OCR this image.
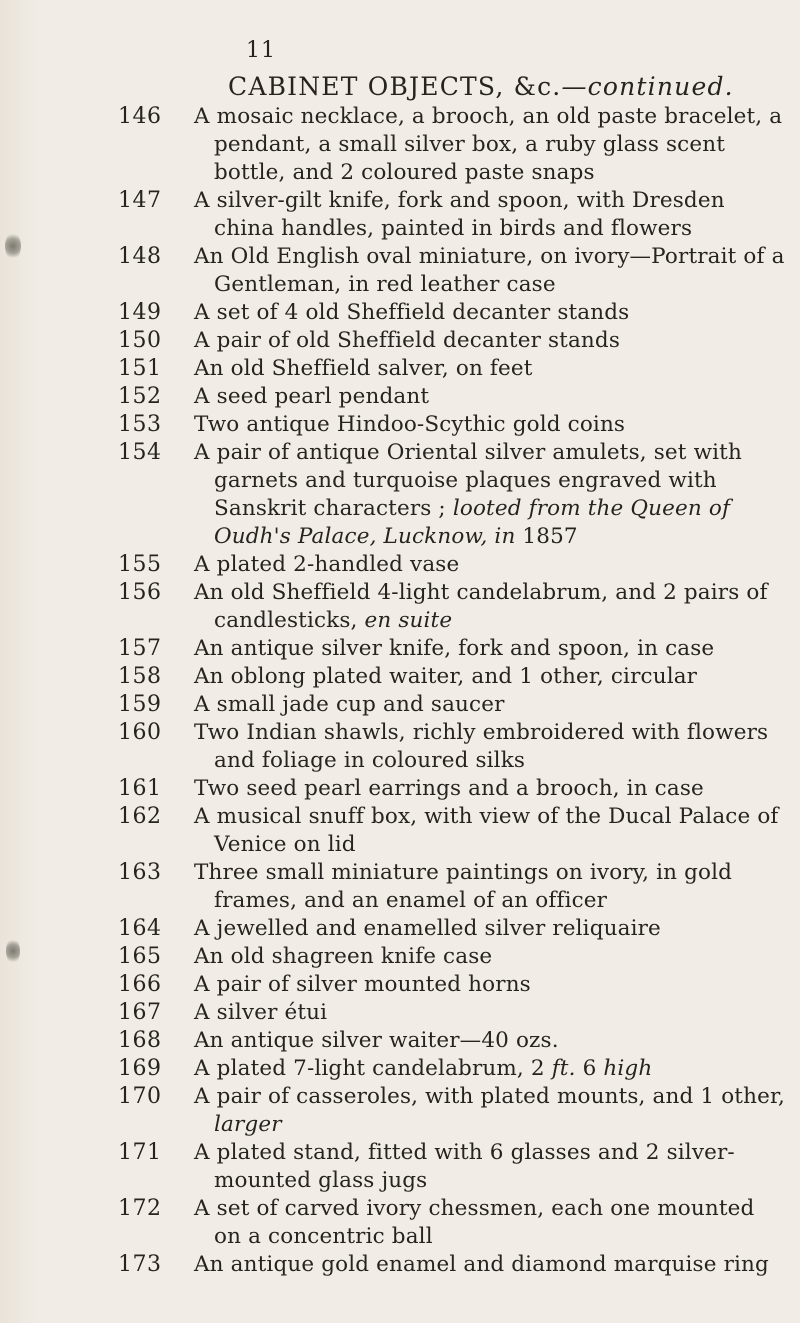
11
CABINET OBJECTS, &c.—continued.
146 A mosaic necklace, a brooch, an old paste bracelet, a pendant, a small silver box, a ruby glass scent bottle, and 2 coloured paste snaps
147 A silver-gilt knife, fork and spoon, with Dresden china handles, painted in birds and flowers
148 An Old English oval miniature, on ivory—Portrait of a Gentleman, in red leather case
149 A set of 4 old Sheffield decanter stands
150 A pair of old Sheffield decanter stands
151 An old Sheffield salver, on feet
152 A seed pearl pendant
153 Two antique Hindoo-Scythic gold coins
154 A pair of antique Oriental silver amulets, set with garnets and turquoise plaques engraved with Sanskrit characters ; looted from the Queen of Oudh's Palace, Lucknow, in 1857
155 A plated 2-handled vase
156 An old Sheffield 4-light candelabrum, and 2 pairs of candlesticks, en suite
157 An antique silver knife, fork and spoon, in case
158 An oblong plated waiter, and 1 other, circular
159 A small jade cup and saucer
160 Two Indian shawls, richly embroidered with flowers and foliage in coloured silks
161 Two seed pearl earrings and a brooch, in case
162 A musical snuff box, with view of the Ducal Palace of Venice on lid
163 Three small miniature paintings on ivory, in gold frames, and an enamel of an officer
164 A jewelled and enamelled silver reliquaire
165 An old shagreen knife case
166 A pair of silver mounted horns
167 A silver étui
168 An antique silver waiter—40 ozs.
169 A plated 7-light candelabrum, 2 ft. 6 high
170 A pair of casseroles, with plated mounts, and 1 other, larger
171 A plated stand, fitted with 6 glasses and 2 silver-mounted glass jugs
172 A set of carved ivory chessmen, each one mounted on a concentric ball
173 An antique gold enamel and diamond marquise ring
